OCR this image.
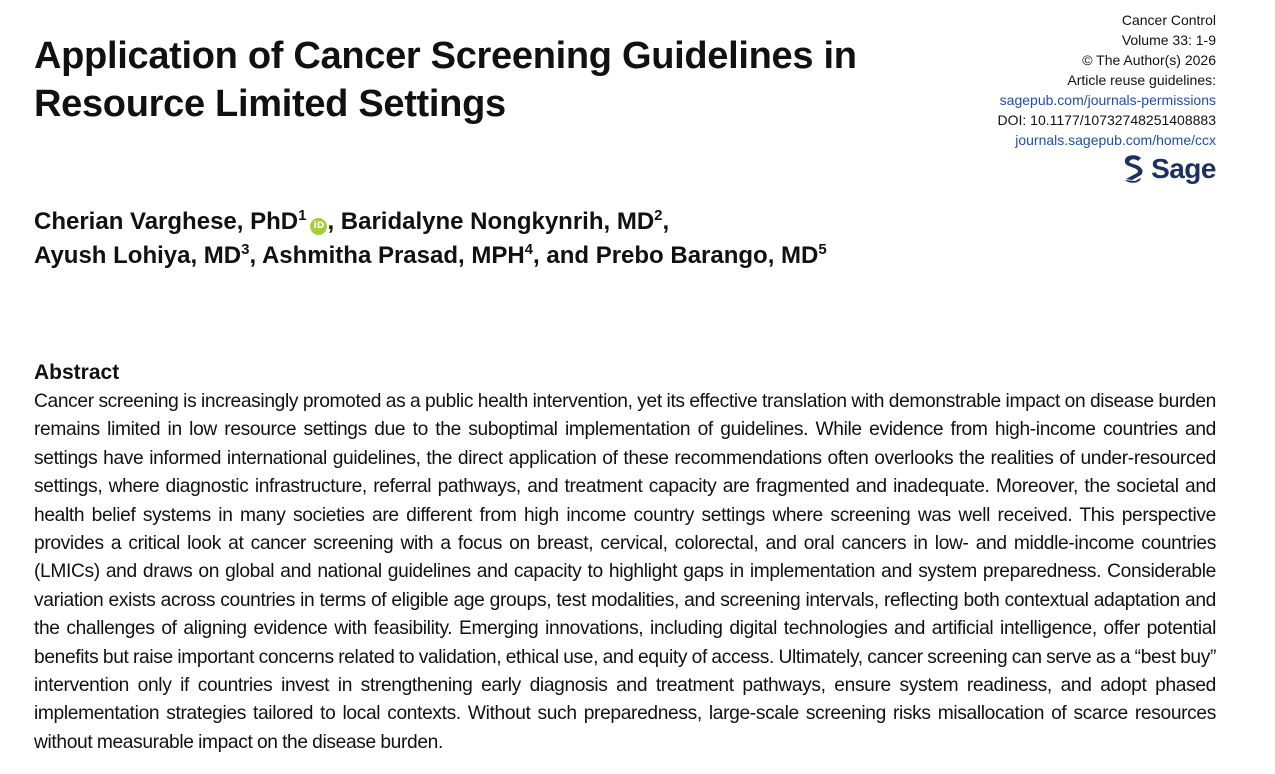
Application of Cancer Screening Guidelines in
Resource Limited Settings
Cancer Control
Volume 33: 1-9
© The Author(s) 2026
Article reuse guidelines:
sagepub.com/journals-permissions
DOI: 10.1177/10732748251408883
journals.sagepub.com/home/ccx
Sage
Cherian Varghese, PhD$^1$iD , Baridalyne Nongkynrih, $MD^2$,
Ayush Lohiya, $MD^3$, Ashmitha Prasad, MPH$^4$, and Prebo Barango, $MD^5$
Abstract

Cancer screening is increasingly promoted as a public health intervention, yet its effective translation with demonstrable impact on disease burden remains limited in low resource settings due to the suboptimal implementation of guidelines. While evidence from high-income countries and settings have informed international guidelines, the direct application of these recommendations often overlooks the realities of under-resourced settings, where diagnostic infrastructure, referral pathways, and treatment capacity are fragmented and inadequate. Moreover, the societal and health belief systems in many societies are different from high income country settings where screening was well received. This perspective provides a critical look at cancer screening with a focus on breast, cervical, colorectal, and oral cancers in low- and middle-income countries (LMICs) and draws on global and national guidelines and capacity to highlight gaps in implementation and system preparedness. Considerable variation exists across countries in terms of eligible age groups, test modalities, and screening intervals, reflecting both contextual adaptation and the challenges of aligning evidence with feasibility. Emerging innovations, including digital technologies and artificial intelligence, offer potential benefits but raise important concerns related to validation, ethical use, and equity of access. Ultimately, cancer screening can serve as a “best buy” intervention only if countries invest in strengthening early diagnosis and treatment pathways, ensure system readiness, and adopt phased implementation strategies tailored to local contexts. Without such preparedness, large-scale screening risks misallocation of scarce resources without measurable impact on the disease burden.
